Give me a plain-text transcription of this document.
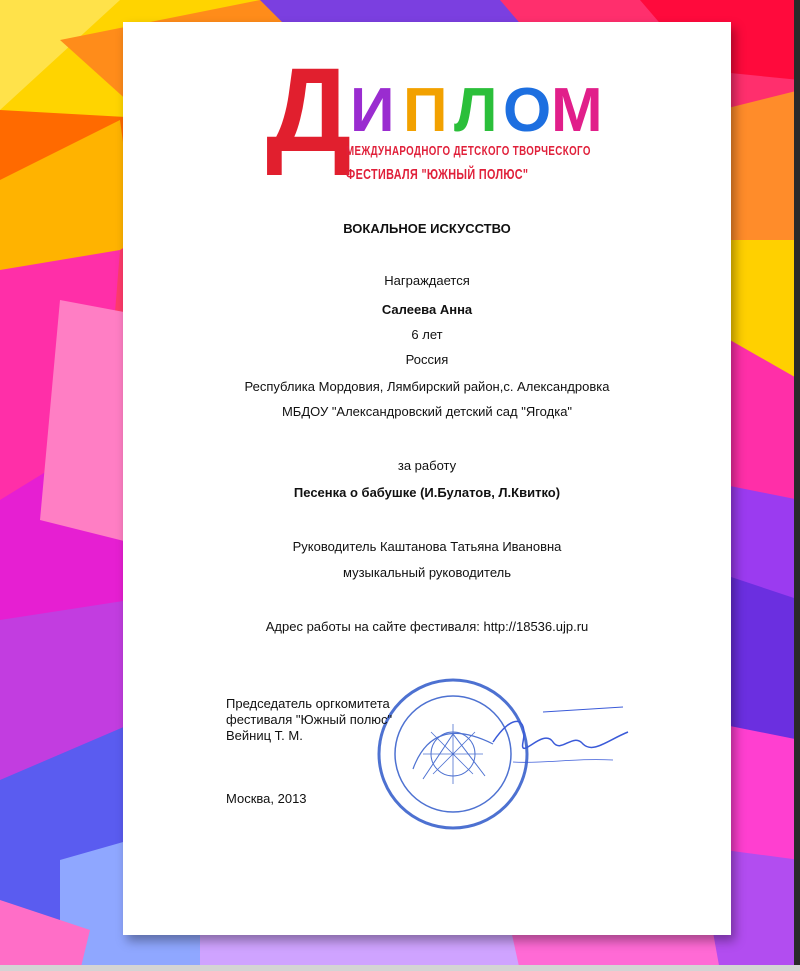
Д
И П Л О М
МЕЖДУНАРОДНОГО ДЕТСКОГО ТВОРЧЕСКОГО
ФЕСТИВАЛЯ "ЮЖНЫЙ ПОЛЮС"
ВОКАЛЬНОЕ ИСКУССТВО
Награждается
Салеева Анна
6 лет
Россия
Республика Мордовия, Лямбирский район,с. Александровка
МБДОУ "Александровский детский сад "Ягодка"
за работу
Песенка о бабушке (И.Булатов, Л.Квитко)
Руководитель Каштанова Татьяна Ивановна
музыкальный руководитель
Адрес работы на сайте фестиваля: http://18536.ujp.ru
Председатель оргкомитета
фестиваля "Южный полюс"
Вейниц Т. М.
Москва, 2013
